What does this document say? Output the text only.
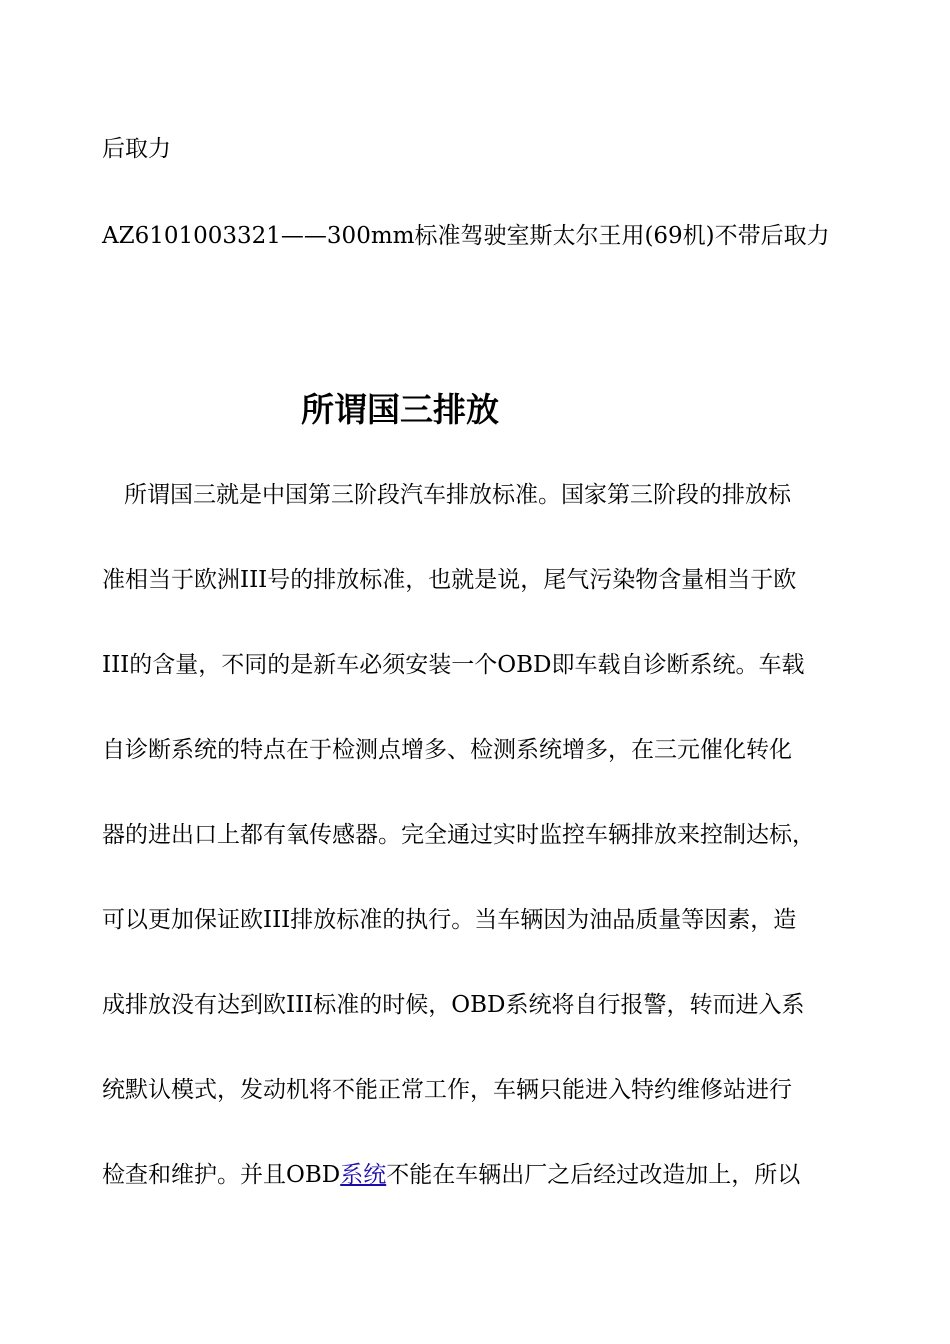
后取力
AZ6101003321——300mm标准驾驶室斯太尔王用(69机)不带后取力
所谓国三排放
所谓国三就是中国第三阶段汽车排放标准。国家第三阶段的排放标
准相当于欧洲III号的排放标准，也就是说，尾气污染物含量相当于欧
III的含量，不同的是新车必须安装一个OBD即车载自诊断系统。车载
自诊断系统的特点在于检测点增多、检测系统增多，在三元催化转化
器的进出口上都有氧传感器。完全通过实时监控车辆排放来控制达标，
可以更加保证欧III排放标准的执行。当车辆因为油品质量等因素，造
成排放没有达到欧III标准的时候，OBD系统将自行报警，转而进入系
统默认模式，发动机将不能正常工作，车辆只能进入特约维修站进行
检查和维护。并且OBD系统不能在车辆出厂之后经过改造加上，所以
